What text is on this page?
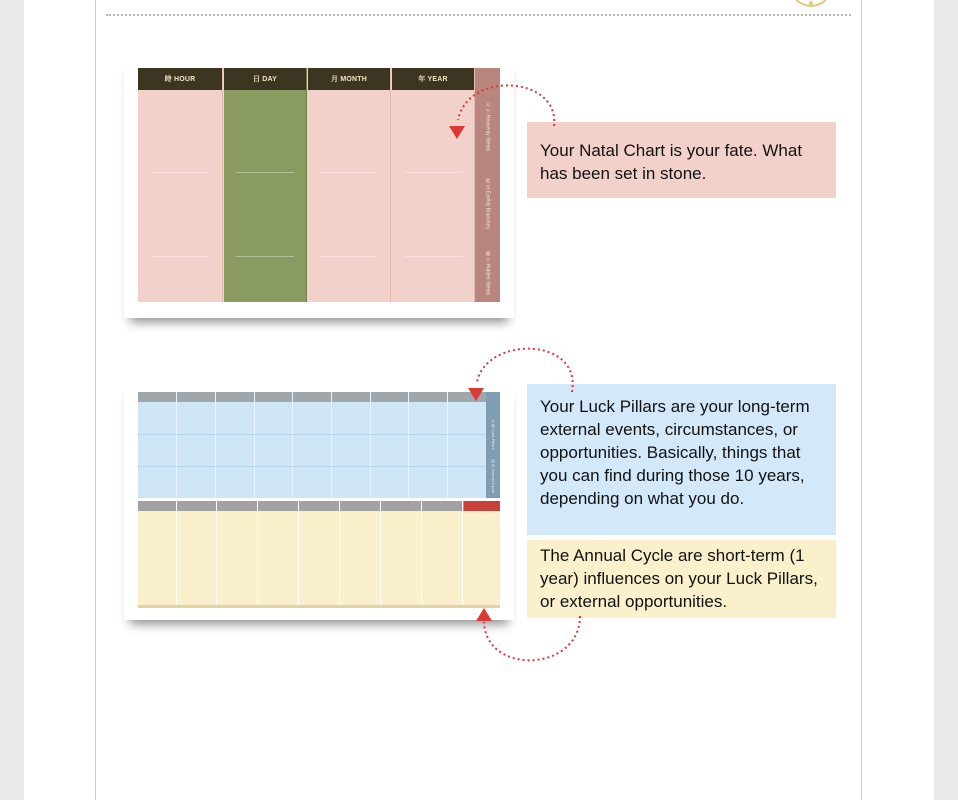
時 HOUR	日 DAY	月 MONTH	年 YEAR
天 干 Heavenly Stems
地 支 Earthly Branches
藏 干 Hidden Stems
大 運 Luck Pillars
流 年 Annual Cycle
Your Natal Chart is your fate. What has been set in stone.
Your Luck Pillars are your long-term external events, circumstances, or opportunities. Basically, things that you can find during those 10 years, depending on what you do.
The Annual Cycle are short-term (1 year) influences on your Luck Pillars, or external opportunities.
